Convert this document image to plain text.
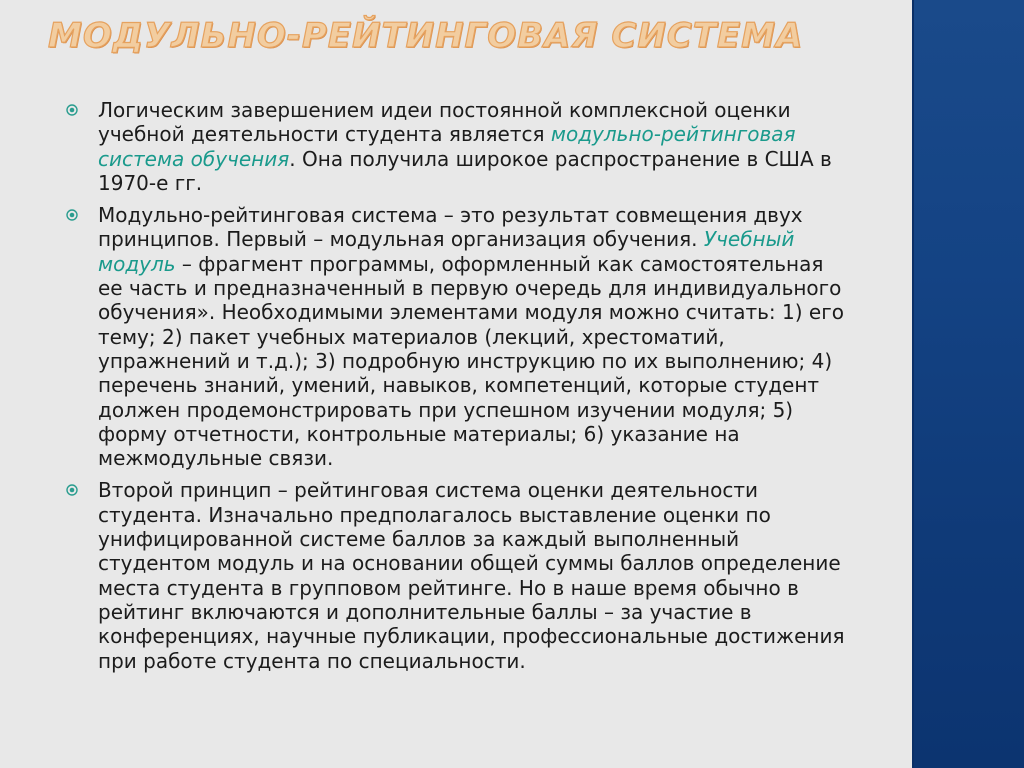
МОДУЛЬНО-РЕЙТИНГОВАЯ СИСТЕМА
Логическим завершением идеи постоянной комплексной оценки учебной деятельности студента является модульно-рейтинговая система обучения. Она получила широкое распространение в США в 1970-е гг.
Модульно-рейтинговая система – это результат совмещения двух принципов. Первый – модульная организация обучения. Учебный модуль – фрагмент программы, оформленный как самостоятельная ее часть и предназначенный в первую очередь для индивидуального обучения». Необходимыми элементами модуля можно считать: 1) его тему; 2) пакет учебных материалов (лекций, хрестоматий, упражнений и т.д.); 3) подробную инструкцию по их выполнению; 4) перечень знаний, умений, навыков, компетенций, которые студент должен продемонстрировать при успешном изучении модуля; 5) форму отчетности, контрольные материалы; 6) указание на межмодульные связи.
Второй принцип – рейтинговая система оценки деятельности студента. Изначально предполагалось выставление оценки по унифицированной системе баллов за каждый выполненный студентом модуль и на основании общей суммы баллов определение места студента в групповом рейтинге. Но в наше время обычно в рейтинг включаются и дополнительные баллы – за участие в конференциях, научные публикации, профессиональные достижения при работе студента по специальности.
